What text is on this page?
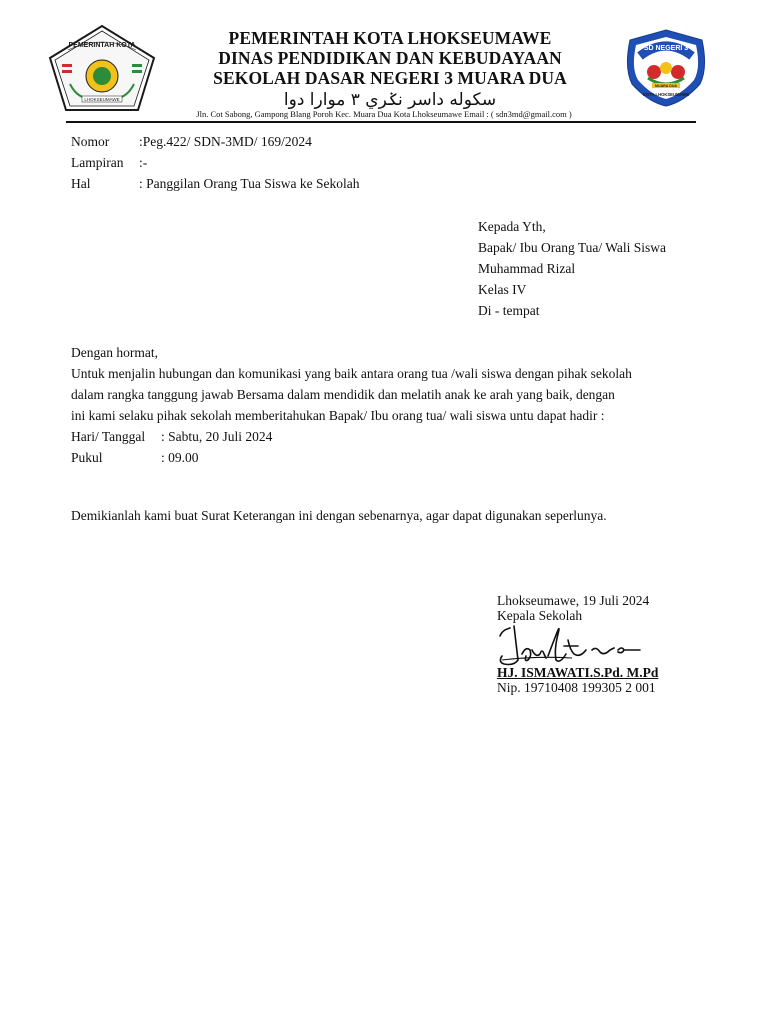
PEMERINTAH KOTA
LHOKSEUMAWE
PEMERINTAH KOTA LHOKSEUMAWE
DINAS PENDIDIKAN DAN KEBUDAYAAN
SEKOLAH DASAR NEGERI 3 MUARA DUA
سکوله داسر نݢري ٣ موارا دوا
SD NEGERI 3
MUARA DUA
KOTA LHOKSEUMAWE
Jln. Cot Sabong, Gampong Blang Poroh Kec. Muara Dua Kota Lhokseumawe Email : ( sdn3md@gmail.com )
Nomor :Peg.422/ SDN-3MD/ 169/2024
Lampiran :-
Hal	: Panggilan Orang Tua Siswa ke Sekolah
Kepada Yth,
Bapak/ Ibu Orang Tua/ Wali Siswa
Muhammad Rizal
Kelas IV
Di - tempat
Dengan hormat,
Untuk menjalin hubungan dan komunikasi yang baik antara orang tua /wali siswa dengan pihak sekolah
dalam rangka tanggung jawab Bersama dalam mendidik dan melatih anak ke arah yang baik, dengan
ini kami selaku pihak sekolah memberitahukan Bapak/ Ibu orang tua/ wali siswa untu dapat hadir :
Hari/ Tanggal : Sabtu, 20 Juli 2024
Pukul	: 09.00
Demikianlah kami buat Surat Keterangan ini dengan sebenarnya, agar dapat digunakan seperlunya.
Lhokseumawe, 19 Juli 2024
Kepala Sekolah
HJ. ISMAWATI.S.Pd. M.Pd
Nip. 19710408 199305 2 001
